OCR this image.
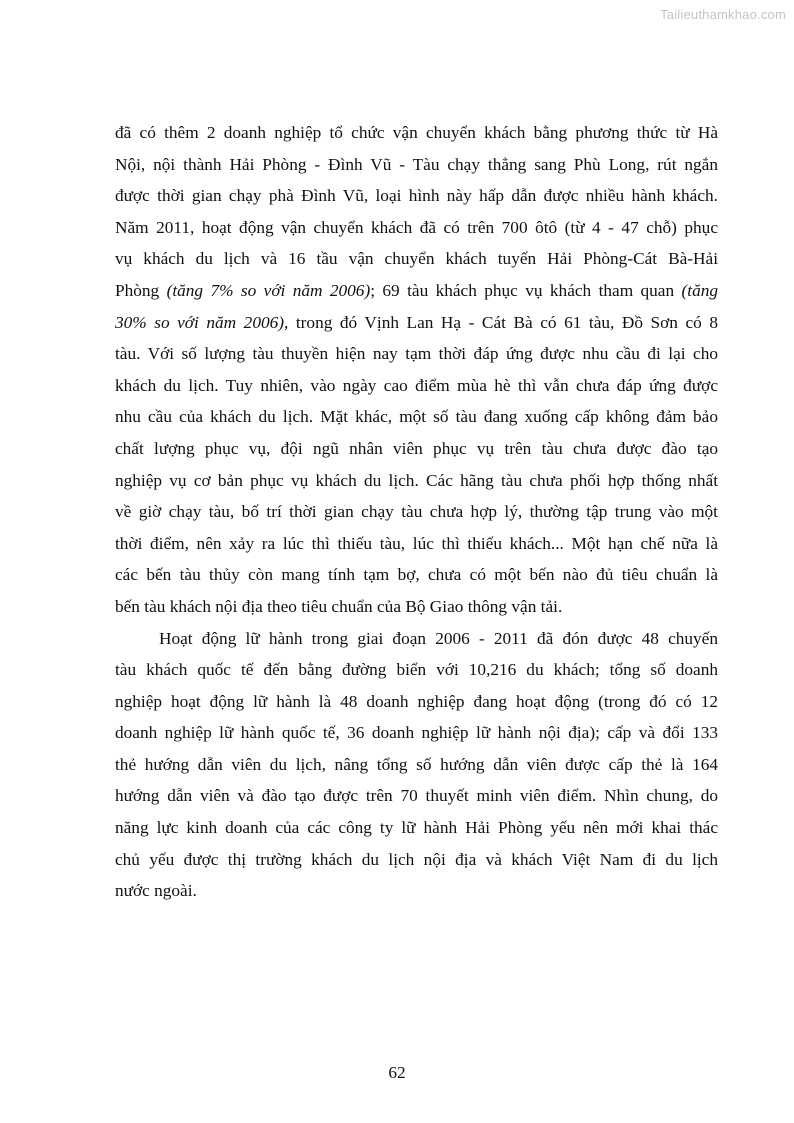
Tailieuthamkhao.com
đã có thêm 2 doanh nghiệp tổ chức vận chuyển khách bằng phương thức từ Hà
Nội, nội thành Hải Phòng - Đình Vũ - Tàu chạy thẳng sang Phù Long, rút ngắn
được thời gian chạy phà Đình Vũ, loại hình này hấp dẫn được nhiều hành khách.
Năm 2011, hoạt động vận chuyển khách đã có trên 700 ôtô (từ 4 - 47 chỗ) phục
vụ khách du lịch và 16 tầu vận chuyển khách tuyến Hải Phòng-Cát Bà-Hải
Phòng (tăng 7% so với năm 2006); 69 tàu khách phục vụ khách tham quan (tăng
30% so với năm 2006), trong đó Vịnh Lan Hạ - Cát Bà có 61 tàu, Đồ Sơn có 8
tàu. Với số lượng tàu thuyền hiện nay tạm thời đáp ứng được nhu cầu đi lại cho
khách du lịch. Tuy nhiên, vào ngày cao điểm mùa hè thì vẫn chưa đáp ứng được
nhu cầu của khách du lịch. Mặt khác, một số tàu đang xuống cấp không đảm bảo
chất lượng phục vụ, đội ngũ nhân viên phục vụ trên tàu chưa được đào tạo
nghiệp vụ cơ bản phục vụ khách du lịch. Các hãng tàu chưa phối hợp thống nhất
về giờ chạy tàu, bố trí thời gian chạy tàu chưa hợp lý, thường tập trung vào một
thời điểm, nên xảy ra lúc thì thiếu tàu, lúc thì thiếu khách... Một hạn chế nữa là
các bến tàu thủy còn mang tính tạm bợ, chưa có một bến nào đủ tiêu chuẩn là
bến tàu khách nội địa theo tiêu chuẩn của Bộ Giao thông vận tải.
Hoạt động lữ hành trong giai đoạn 2006 - 2011 đã đón được 48 chuyến
tàu khách quốc tế đến bằng đường biển với 10,216 du khách; tổng số doanh
nghiệp hoạt động lữ hành là 48 doanh nghiệp đang hoạt động (trong đó có 12
doanh nghiệp lữ hành quốc tế, 36 doanh nghiệp lữ hành nội địa); cấp và đổi 133
thẻ hướng dẫn viên du lịch, nâng tổng số hướng dẫn viên được cấp thẻ là 164
hướng dẫn viên và đào tạo được trên 70 thuyết minh viên điểm. Nhìn chung, do
năng lực kinh doanh của các công ty lữ hành Hải Phòng yếu nên mới khai thác
chủ yếu được thị trường khách du lịch nội địa và khách Việt Nam đi du lịch
nước ngoài.
62
